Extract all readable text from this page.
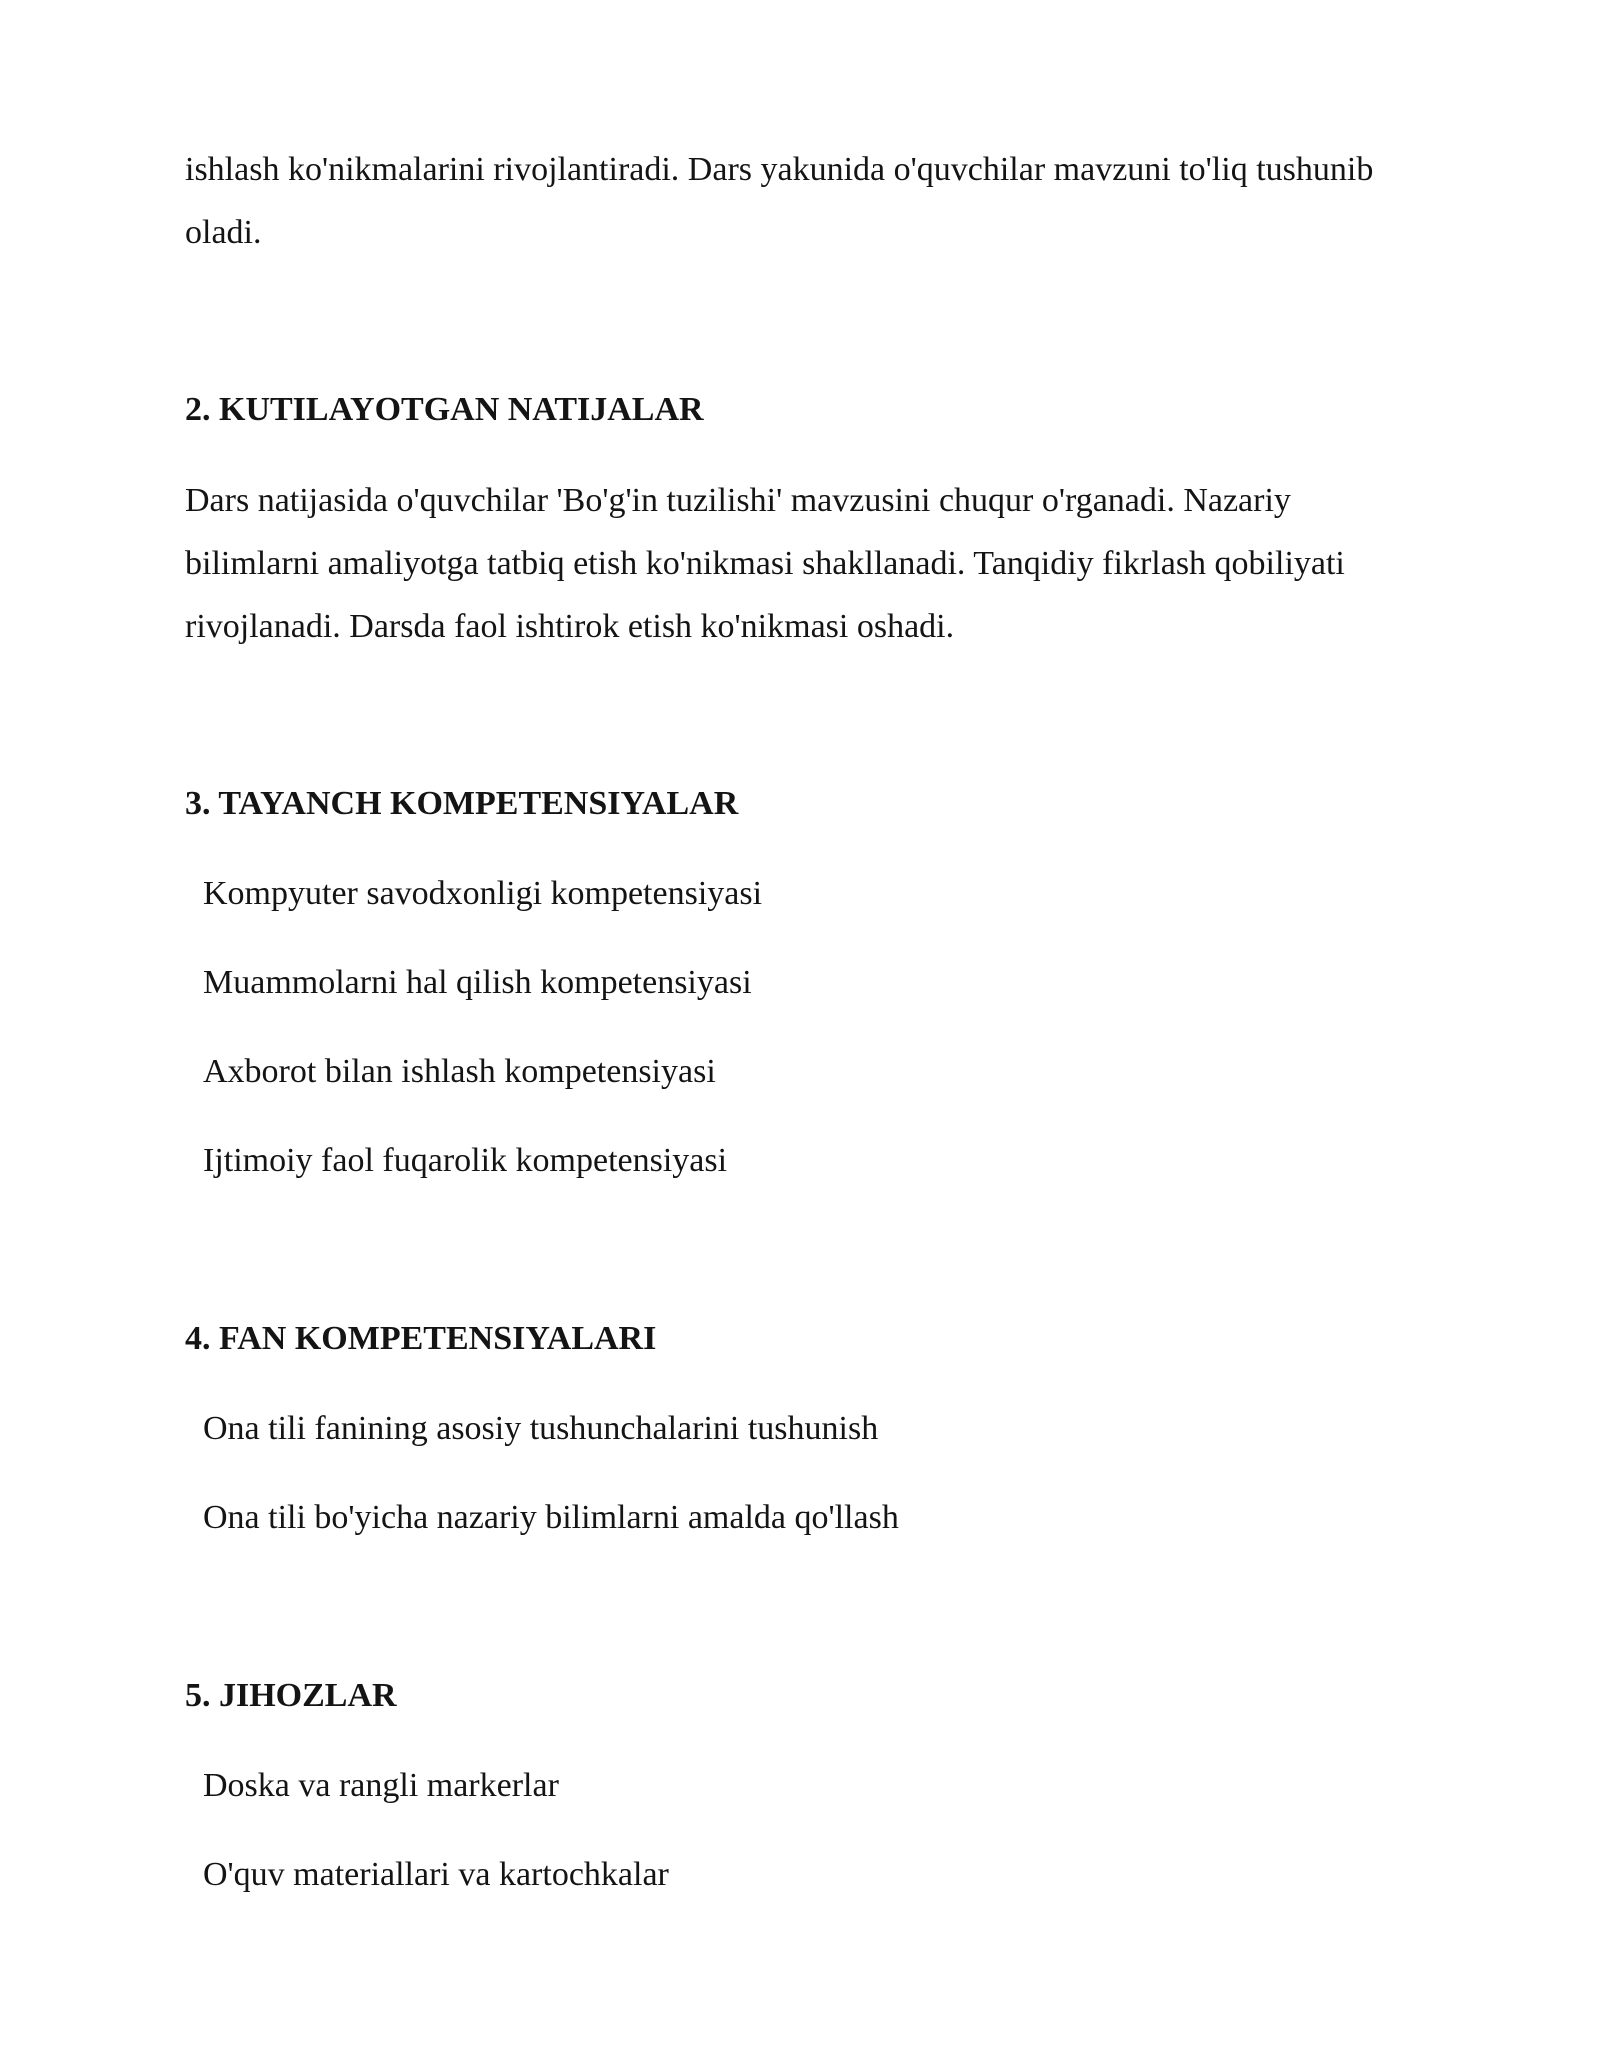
ishlash ko'nikmalarini rivojlantiradi. Dars yakunida o'quvchilar mavzuni to'liq tushunib oladi.

2. KUTILAYOTGAN NATIJALAR

Dars natijasida o'quvchilar 'Bo'g'in tuzilishi' mavzusini chuqur o'rganadi. Nazariy bilimlarni amaliyotga tatbiq etish ko'nikmasi shakllanadi. Tanqidiy fikrlash qobiliyati rivojlanadi. Darsda faol ishtirok etish ko'nikmasi oshadi.

3. TAYANCH KOMPETENSIYALAR

Kompyuter savodxonligi kompetensiyasi

Muammolarni hal qilish kompetensiyasi

Axborot bilan ishlash kompetensiyasi

Ijtimoiy faol fuqarolik kompetensiyasi

4. FAN KOMPETENSIYALARI

Ona tili fanining asosiy tushunchalarini tushunish

Ona tili bo'yicha nazariy bilimlarni amalda qo'llash

5. JIHOZLAR

Doska va rangli markerlar

O'quv materiallari va kartochkalar
